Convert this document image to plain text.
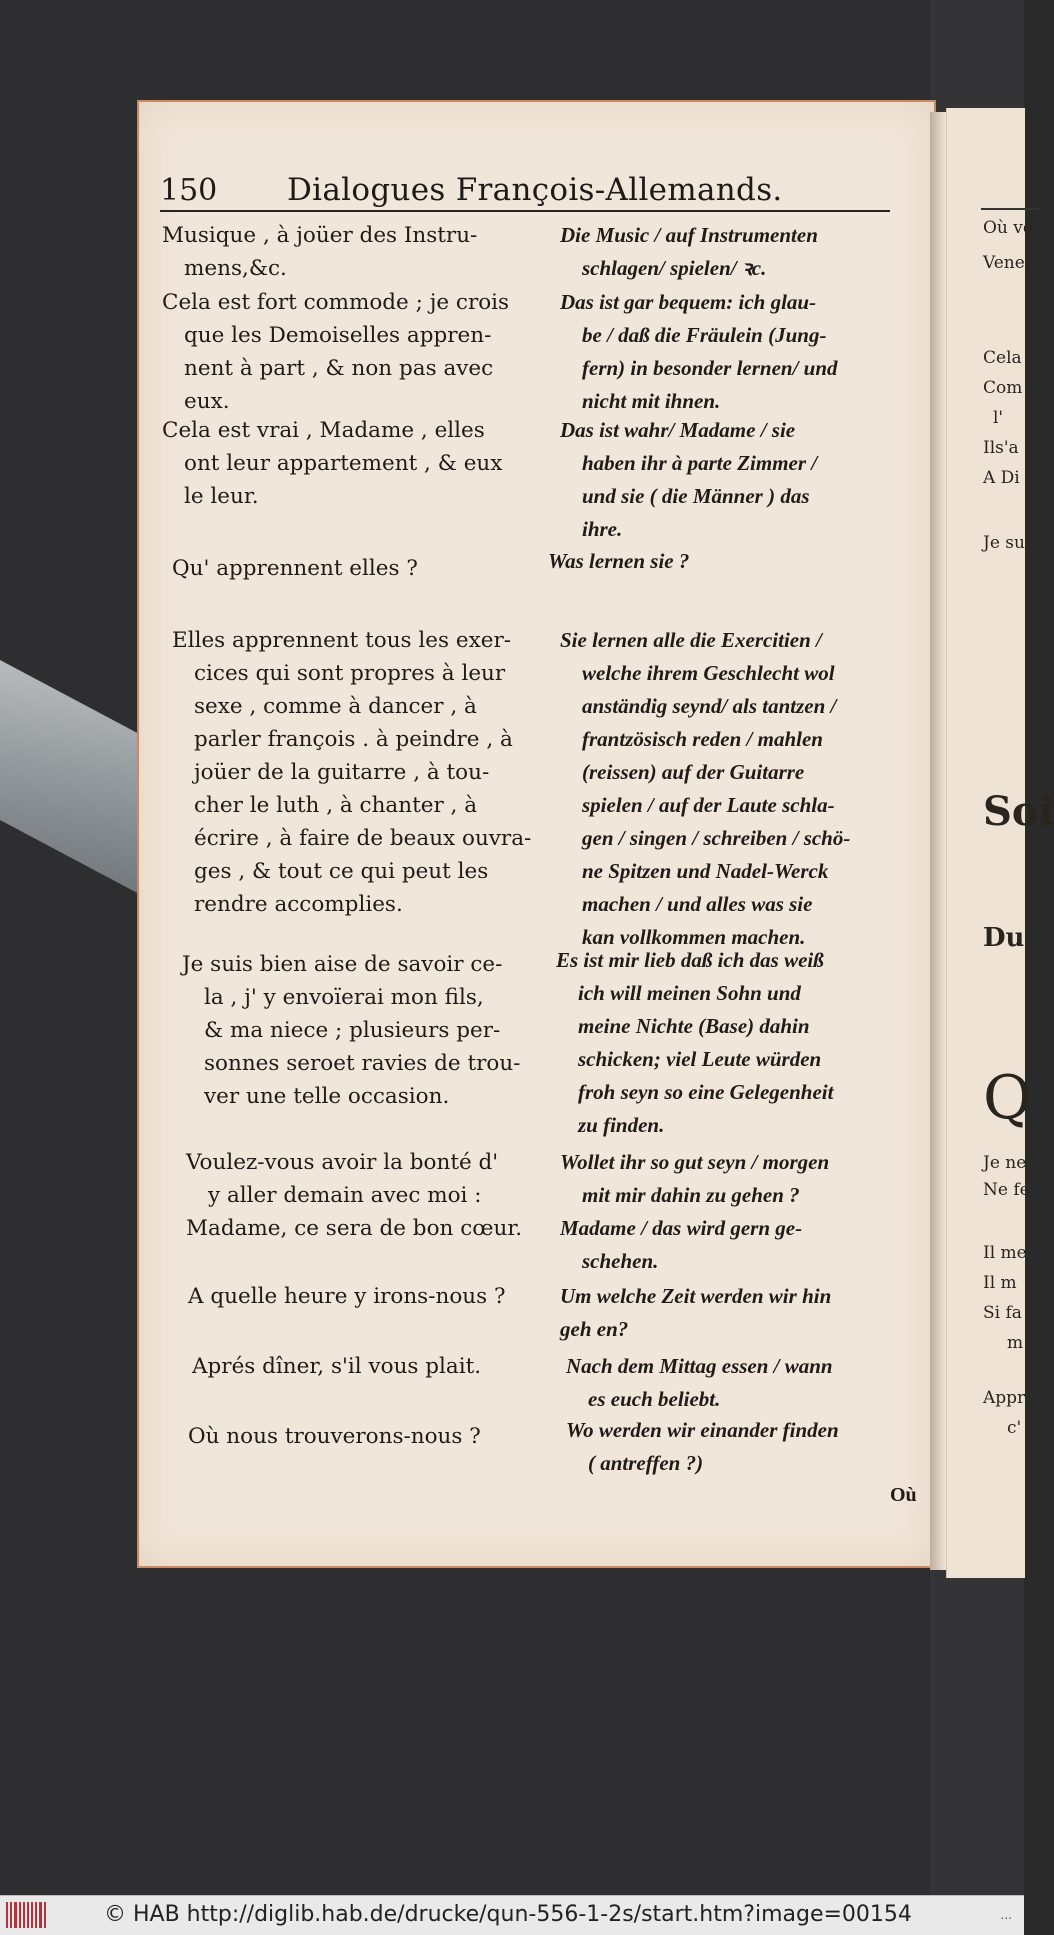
Où vo
Venez
Cela
Com
l'
Ils'a
A Di
Je su
Soi
Du
Q
Je ne
Ne fe
Il me
Il m
Si fa
m
Appr
c'
150 Dialogues François-Allemands.
Musique , à joüer des Instru-
mens,&c.
Die Music / auf Instrumenten
schlagen/ spielen/ ꝛc.
Cela est fort commode ; je crois
que les Demoiselles appren-
nent à part , & non pas avec
eux.
Das ist gar bequem: ich glau-
be / daß die Fräulein (Jung-
fern) in besonder lernen/ und
nicht mit ihnen.
Cela est vrai , Madame , elles
ont leur appartement , & eux
le leur.
Das ist wahr/ Madame / sie
haben ihr à parte Zimmer /
und sie ( die Männer ) das
ihre.
Qu' apprennent elles ?	Was lernen sie ?
Elles apprennent tous les exer-
cices qui sont propres à leur
sexe , comme à dancer , à
parler françois . à peindre , à
joüer de la guitarre , à tou-
cher le luth , à chanter , à
écrire , à faire de beaux ouvra-
ges , & tout ce qui peut les
rendre accomplies.
Sie lernen alle die Exercitien /
welche ihrem Geschlecht wol
anständig seynd/ als tantzen /
frantzösisch reden / mahlen
(reissen) auf der Guitarre
spielen / auf der Laute schla-
gen / singen / schreiben / schö-
ne Spitzen und Nadel-Werck
machen / und alles was sie
kan vollkommen machen.
Je suis bien aise de savoir ce-
la , j' y envoïerai mon fils,
& ma niece ; plusieurs per-
sonnes seroet ravies de trou-
ver une telle occasion.
Es ist mir lieb daß ich das weiß
ich will meinen Sohn und
meine Nichte (Base) dahin
schicken; viel Leute würden
froh seyn so eine Gelegenheit
zu finden.
Voulez-vous avoir la bonté d'
y aller demain avec moi :
Wollet ihr so gut seyn / morgen
mit mir dahin zu gehen ?
Madame, ce sera de bon cœur.	Madame / das wird gern ge-
schehen.
A quelle heure y irons-nous ?	Um welche Zeit werden wir hin
geh en?
Aprés dîner, s'il vous plait.	Nach dem Mittag essen / wann
es euch beliebt.
Où nous trouverons-nous ?	Wo werden wir einander finden
( antreffen ?)
Où
© HAB http://diglib.hab.de/drucke/qun-556-1-2s/start.htm?image=00154	...
